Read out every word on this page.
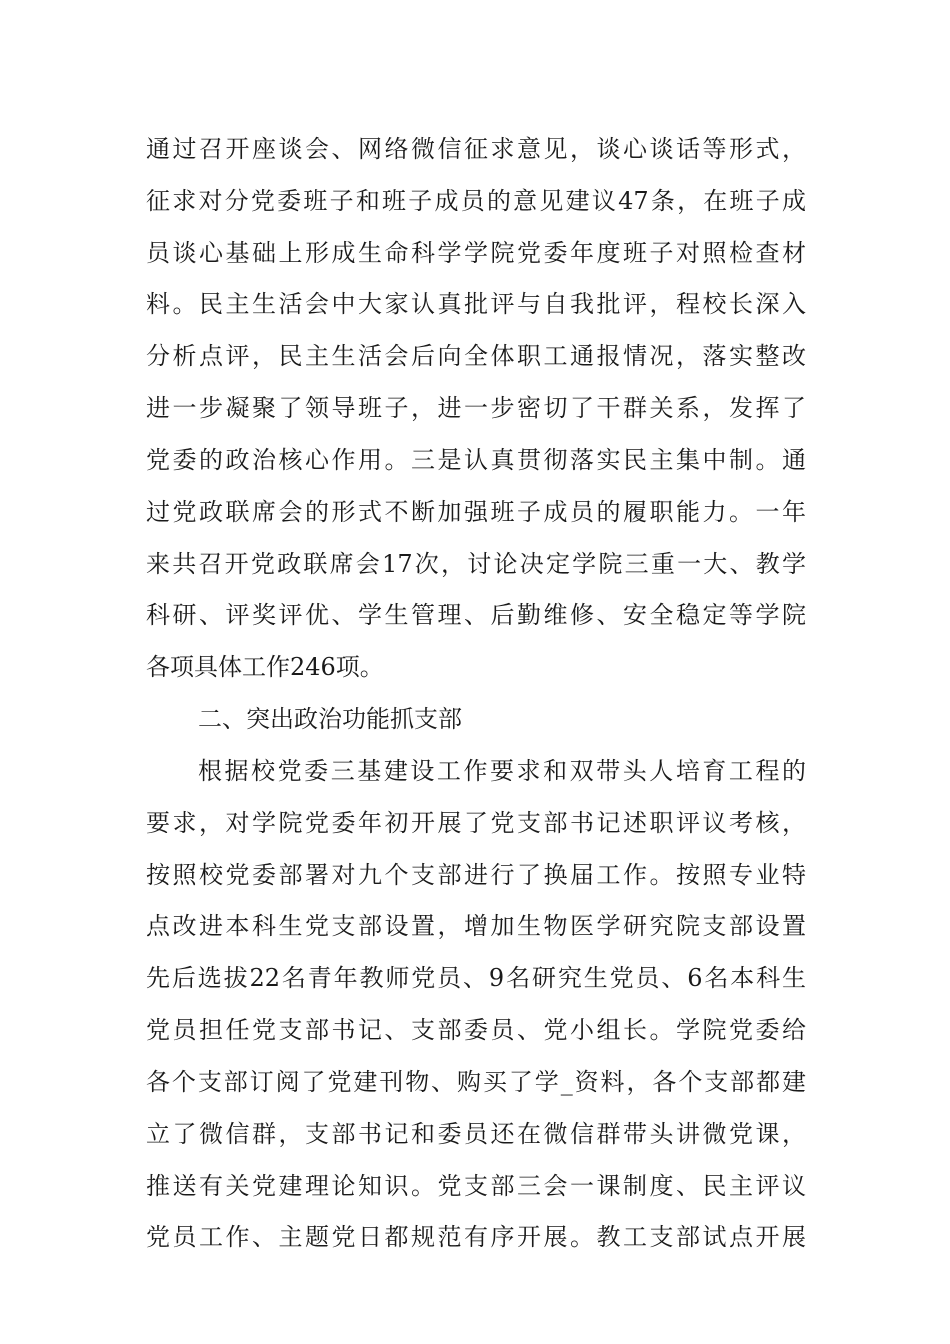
通过召开座谈会、网络微信征求意见，谈心谈话等形式，
征求对分党委班子和班子成员的意见建议47条，在班子成
员谈心基础上形成生命科学学院党委年度班子对照检查材
料。民主生活会中大家认真批评与自我批评，程校长深入
分析点评，民主生活会后向全体职工通报情况，落实整改
进一步凝聚了领导班子，进一步密切了干群关系，发挥了
党委的政治核心作用。三是认真贯彻落实民主集中制。通
过党政联席会的形式不断加强班子成员的履职能力。一年
来共召开党政联席会17次，讨论决定学院三重一大、教学
科研、评奖评优、学生管理、后勤维修、安全稳定等学院
各项具体工作246项。
二、突出政治功能抓支部
根据校党委三基建设工作要求和双带头人培育工程的
要求，对学院党委年初开展了党支部书记述职评议考核，
按照校党委部署对九个支部进行了换届工作。按照专业特
点改进本科生党支部设置，增加生物医学研究院支部设置
先后选拔22名青年教师党员、9名研究生党员、6名本科生
党员担任党支部书记、支部委员、党小组长。学院党委给
各个支部订阅了党建刊物、购买了学_资料，各个支部都建
立了微信群，支部书记和委员还在微信群带头讲微党课，
推送有关党建理论知识。党支部三会一课制度、民主评议
党员工作、主题党日都规范有序开展。教工支部试点开展
